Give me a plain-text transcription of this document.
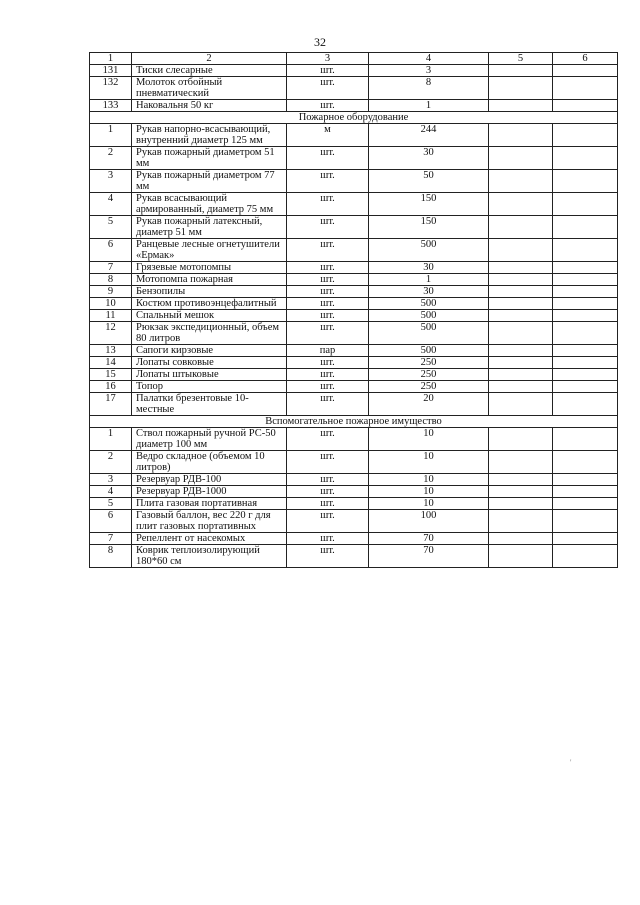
32
1	2	3	4	5	6
131	Тиски слесарные	шт.	3		
132	Молоток отбойный пневматический	шт.	8		
133	Наковальня 50 кг	шт.	1		
Пожарное оборудование					
1	Рукав напорно-всасывающий, внутренний диаметр 125 мм	м	244		
2	Рукав пожарный диаметром 51 мм	шт.	30		
3	Рукав пожарный диаметром 77 мм	шт.	50		
4	Рукав всасывающий армированный, диаметр 75 мм	шт.	150		
5	Рукав пожарный латексный, диаметр 51 мм	шт.	150		
6	Ранцевые лесные огнетушители «Ермак»	шт.	500		
7	Грязевые мотопомпы	шт.	30		
8	Мотопомпа пожарная	шт.	1		
9	Бензопилы	шт.	30		
10	Костюм противоэнцефалитный	шт.	500		
11	Спальный мешок	шт.	500		
12	Рюкзак экспедиционный, объем 80 литров	шт.	500		
13	Сапоги кирзовые	пар	500		
14	Лопаты совковые	шт.	250		
15	Лопаты штыковые	шт.	250		
16	Топор	шт.	250		
17	Палатки брезентовые 10-местные	шт.	20		
Вспомогательное пожарное имущество					
1	Ствол пожарный ручной РС-50 диаметр 100 мм	шт.	10		
2	Ведро складное (объемом 10 литров)	шт.	10		
3	Резервуар РДВ-100	шт.	10		
4	Резервуар РДВ-1000	шт.	10		
5	Плита газовая портативная	шт.	10		
6	Газовый баллон, вес 220 г для плит газовых портативных	шт.	100		
7	Репеллент от насекомых	шт.	70		
8	Коврик теплоизолирующий 180*60 см	шт.	70		
'
